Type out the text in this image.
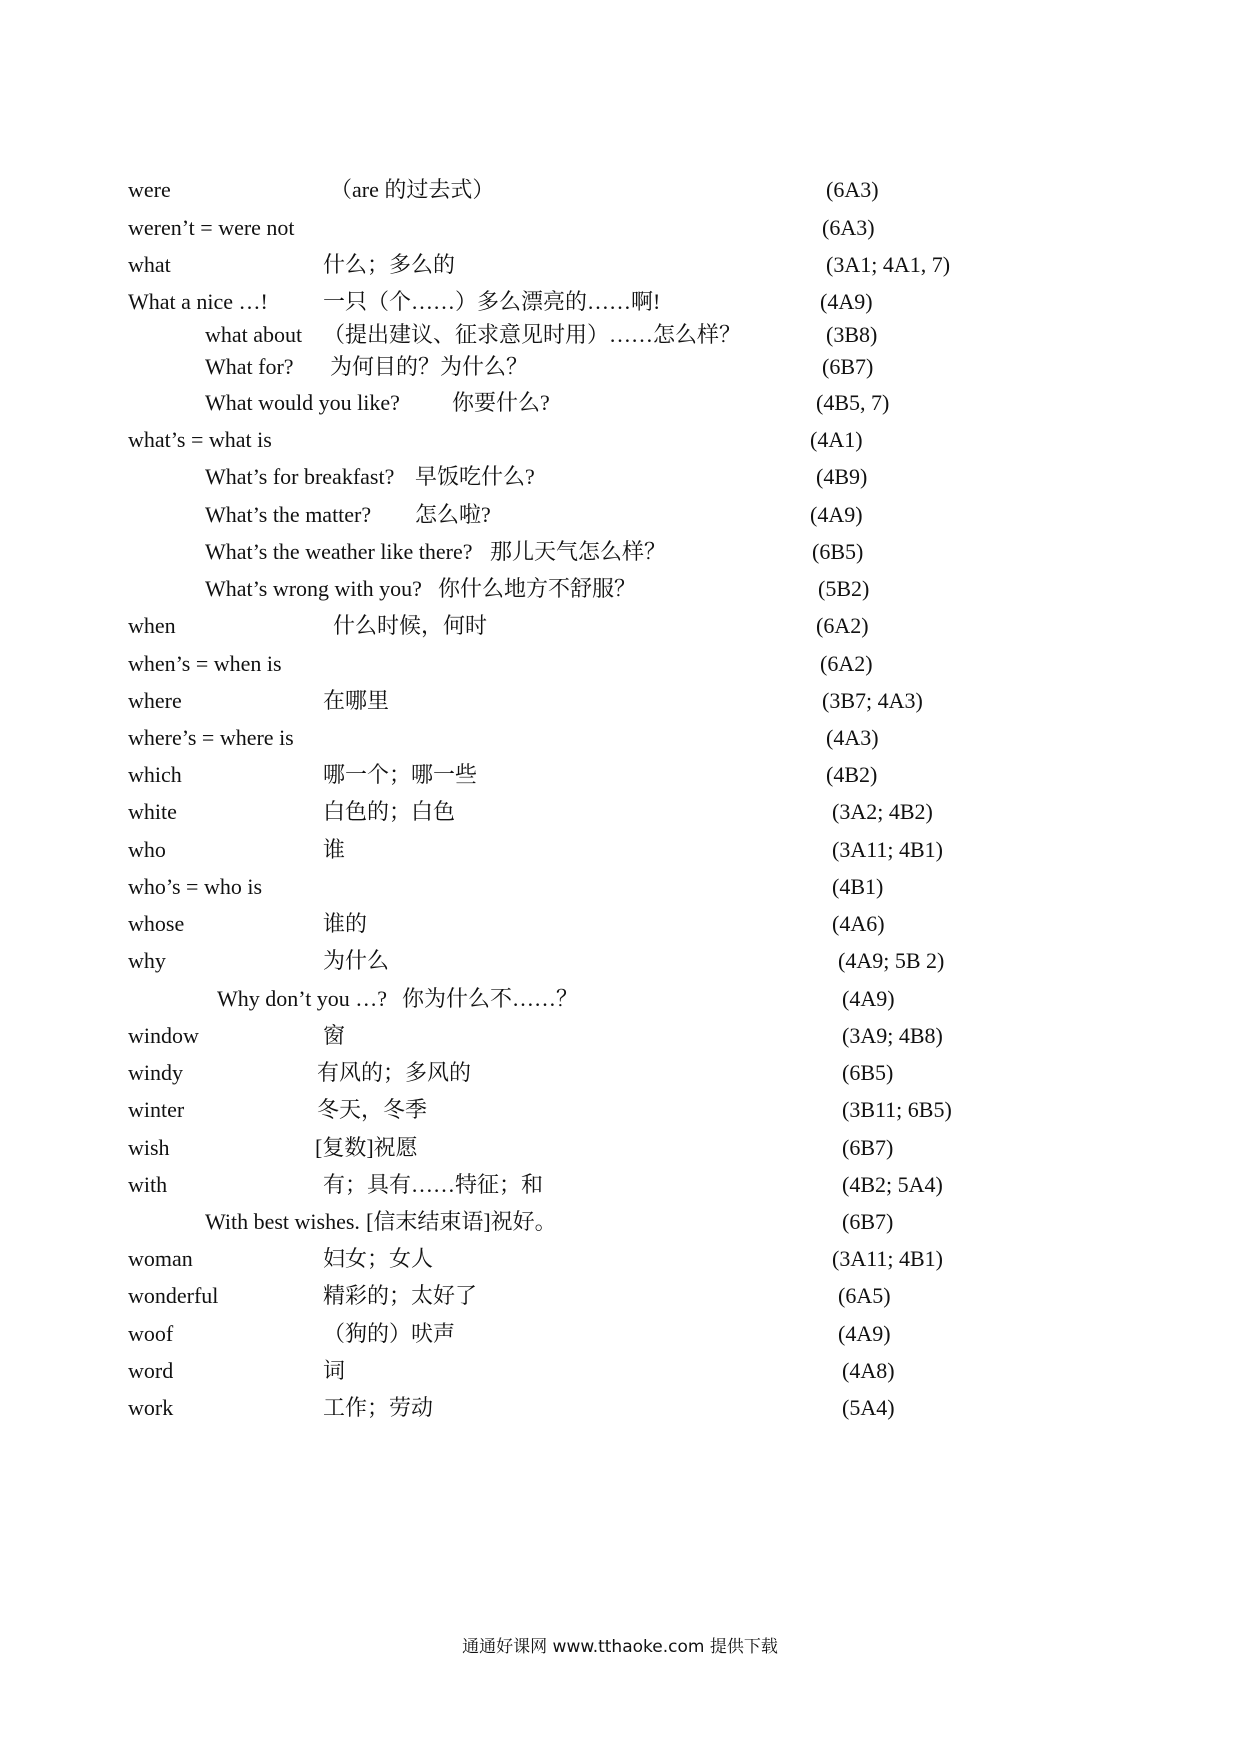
were	（are 的过去式）	(6A3)
weren’t = were not	(6A3)
what	什么；多么的	(3A1; 4A1, 7)
What a nice …!	一只（个……）多么漂亮的……啊!	(4A9)
what about （提出建议、征求意见时用）……怎么样？	(3B8)
What for? 为何目的？为什么？	(6B7)
What would you like? 你要什么?	(4B5, 7)
what’s = what is	(4A1)
What’s for breakfast? 早饭吃什么?	(4B9)
What’s the matter? 怎么啦?	(4A9)
What’s the weather like there? 那儿天气怎么样？	(6B5)
What’s wrong with you? 你什么地方不舒服？	(5B2)
when	什么时候，何时	(6A2)
when’s = when is	(6A2)
where	在哪里	(3B7; 4A3)
where’s = where is	(4A3)
which	哪一个；哪一些	(4B2)
white	白色的；白色	(3A2; 4B2)
who	谁	(3A11; 4B1)
who’s = who is	(4B1)
whose	谁的	(4A6)
why	为什么	(4A9; 5B 2)
Why don’t you …? 你为什么不……？	(4A9)
window	窗	(3A9; 4B8)
windy	有风的；多风的	(6B5)
winter	冬天，冬季	(3B11; 6B5)
wish	[复数]祝愿	(6B7)
with	有；具有……特征；和	(4B2; 5A4)
With best wishes. [信末结束语]祝好。	(6B7)
woman	妇女；女人	(3A11; 4B1)
wonderful	精彩的；太好了	(6A5)
woof	（狗的）吠声	(4A9)
word	词	(4A8)
work	工作；劳动	(5A4)
通通好课网 www.tthaoke.com 提供下载
